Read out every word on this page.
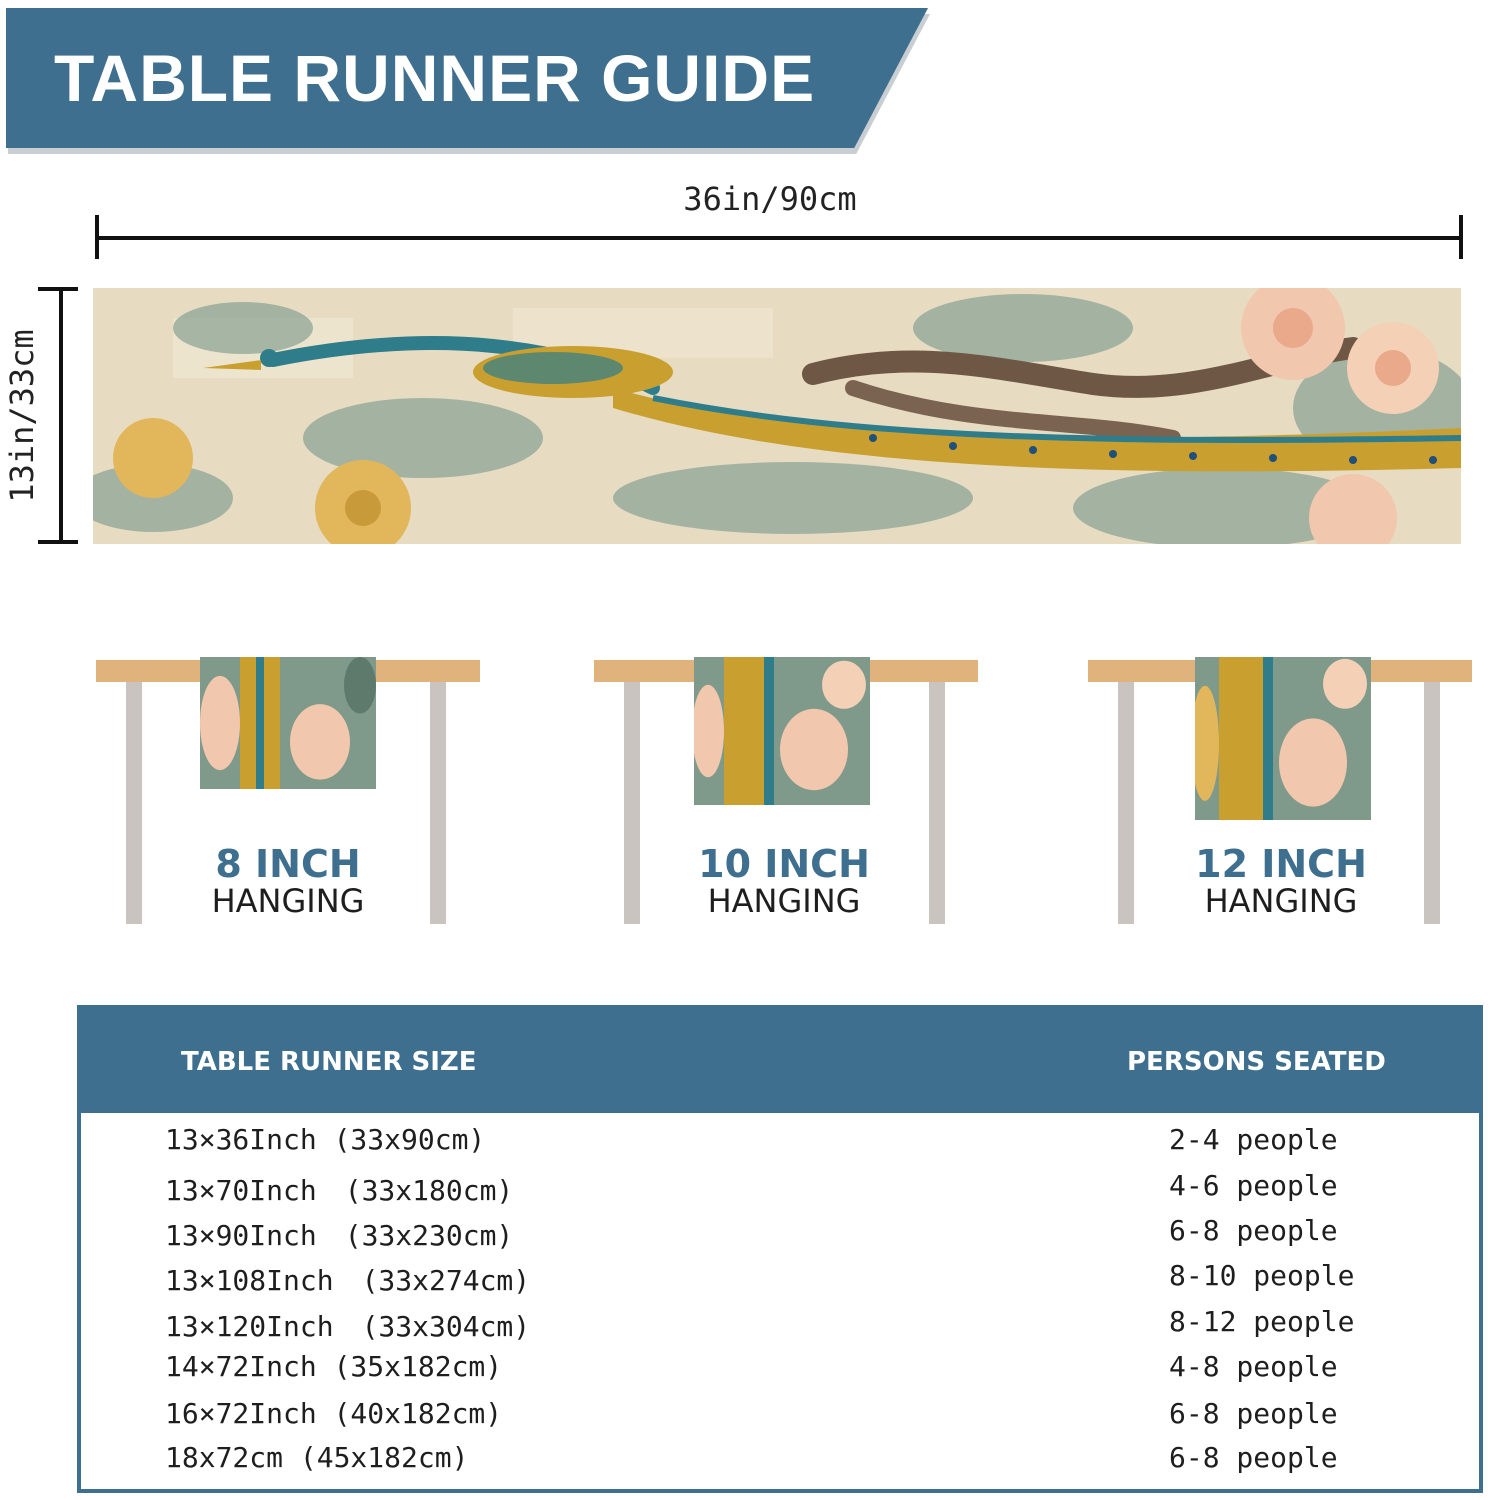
TABLE RUNNER GUIDE
36in/90cm
13in/33cm
8 INCH
HANGING
10 INCH
HANGING
12 INCH
HANGING
TABLE RUNNER SIZE	PERSONS SEATED
13×36Inch (33x90cm)	2-4 people
13×70Inch　(33x180cm)	4-6 people
13×90Inch　(33x230cm)	6-8 people
13×108Inch　(33x274cm)	8-10 people
13×120Inch　(33x304cm)	8-12 people
14×72Inch (35x182cm)	4-8 people
16×72Inch (40x182cm)	6-8 people
18x72cm (45x182cm)	6-8 people
